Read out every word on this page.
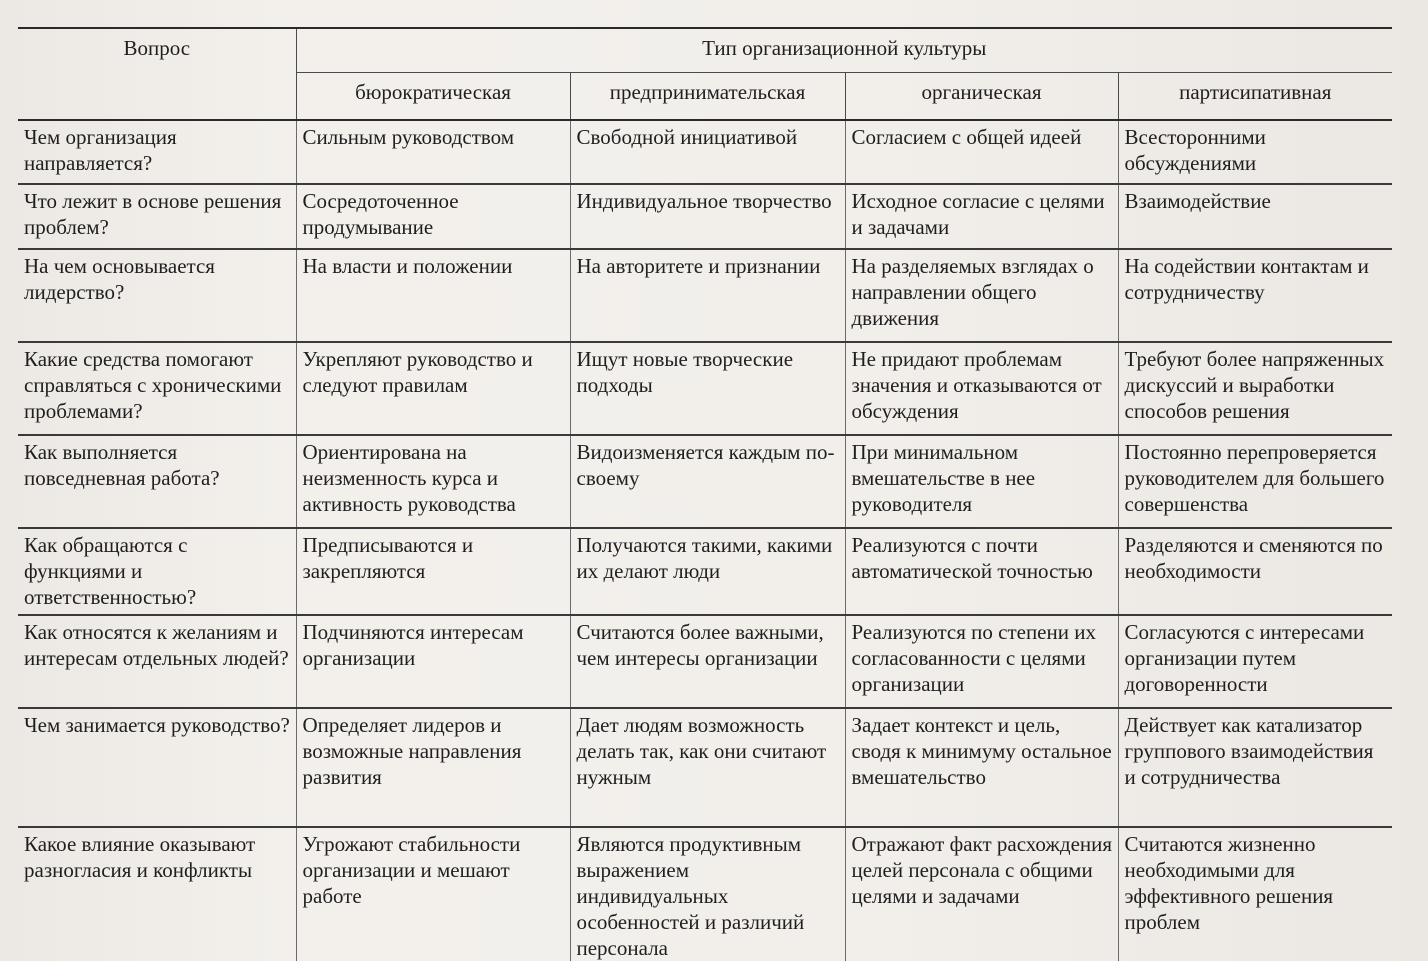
Вопрос	Тип организационной культуры			
	бюрократическая	предпринимательская	органическая	партисипативная
Чем организация направляется?	Сильным руководством	Свободной инициативой	Согласием с общей идеей	Всесторонними обсуждениями
Что лежит в основе решения проблем?	Сосредоточенное продумывание	Индивидуальное творчество	Исходное согласие с целями и задачами	Взаимодействие
На чем основывается лидерство?	На власти и положении	На авторитете и признании	На разделяемых взглядах о направлении общего движения	На содействии контактам и сотрудничеству
Какие средства помогают справляться с хроническими проблемами?	Укрепляют руководство и следуют правилам	Ищут новые творческие подходы	Не придают проблемам значения и отказываются от обсуждения	Требуют более напряженных дискуссий и выработки способов решения
Как выполняется повседневная работа?	Ориентирована на неизменность курса и активность руководства	Видоизменяется каждым по-своему	При минимальном вмешательстве в нее руководителя	Постоянно перепроверяется руководителем для большего совершенства
Как обращаются с функциями и ответственностью?	Предписываются и закрепляются	Получаются такими, какими их делают люди	Реализуются с почти автоматической точностью	Разделяются и сменяются по необходимости
Как относятся к желаниям и интересам отдельных людей?	Подчиняются интересам организации	Считаются более важными, чем интересы организации	Реализуются по степени их согласованности с целями организации	Согласуются с интересами организации путем договоренности
Чем занимается руководство?	Определяет лидеров и возможные направления развития	Дает людям возможность делать так, как они считают нужным	Задает контекст и цель, сводя к минимуму остальное вмешательство	Действует как катализатор группового взаимодействия и сотрудничества
Какое влияние оказывают разногласия и конфликты	Угрожают стабильности организации и мешают работе	Являются продуктивным выражением индивидуальных особенностей и различий персонала	Отражают факт расхождения целей персонала с общими целями и задачами	Считаются жизненно необходимыми для эффективного решения проблем
